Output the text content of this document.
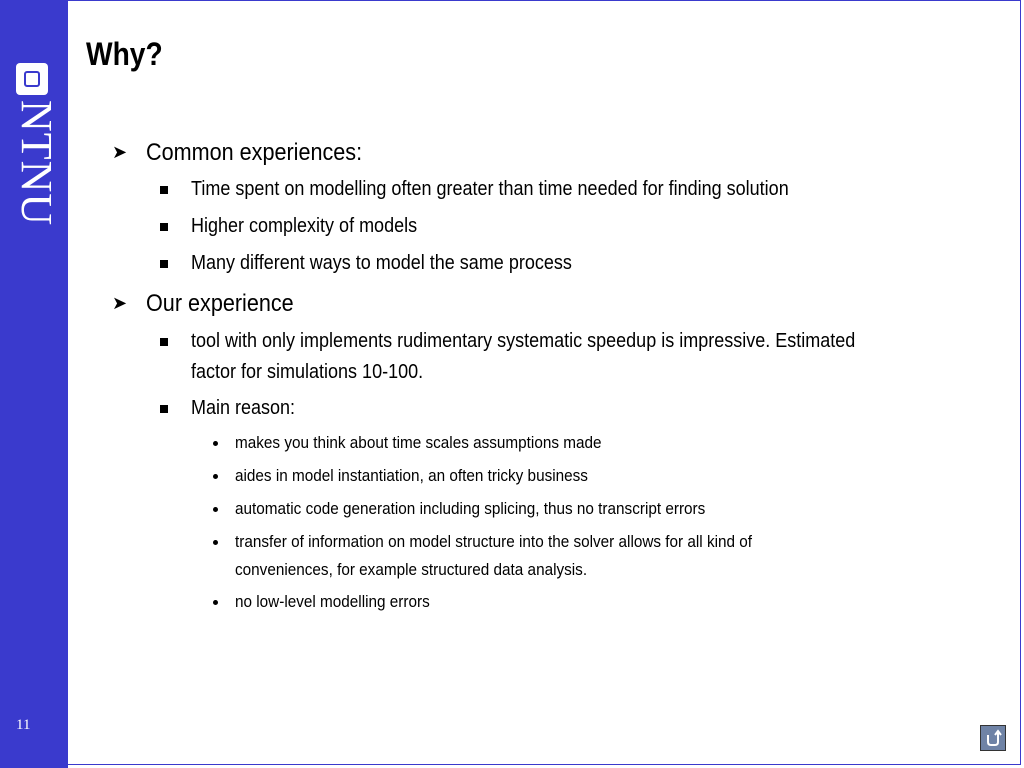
NTNU
11
Why?
➤ Common experiences:
Time spent on modelling often greater than time needed for finding solution
Higher complexity of models
Many different ways to model the same process
➤ Our experience
tool with only implements rudimentary systematic speedup is impressive. Estimated
factor for simulations 10-100.
Main reason:
makes you think about time scales assumptions made
aides in model instantiation, an often tricky business
automatic code generation including splicing, thus no transcript errors
transfer of information on model structure into the solver allows for all kind of
conveniences, for example structured data analysis.
no low-level modelling errors
